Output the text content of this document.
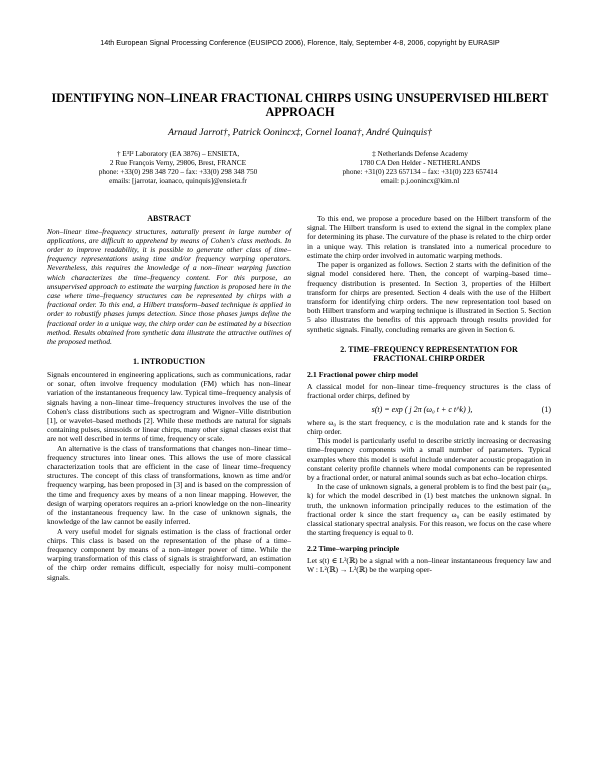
14th European Signal Processing Conference (EUSIPCO 2006), Florence, Italy, September 4-8, 2006, copyright by EURASIP
IDENTIFYING NON–LINEAR FRACTIONAL CHIRPS USING UNSUPERVISED HILBERT APPROACH
Arnaud Jarrot†, Patrick Oonincx‡, Cornel Ioana†, André Quinquis†
† E³I² Laboratory (EA 3876) – ENSIETA,
2 Rue François Verny, 29806, Brest, FRANCE
phone: +33(0) 298 348 720 – fax: +33(0) 298 348 750
emails: [jarrotar, ioanaco, quinquis]@ensieta.fr
‡ Netherlands Defense Academy
1780 CA Den Helder - NETHERLANDS
phone: +31(0) 223 657134 – fax: +31(0) 223 657414
email: p.j.oonincx@kim.nl
ABSTRACT

Non–linear time–frequency structures, naturally present in large number of applications, are difficult to apprehend by means of Cohen's class methods. In order to improve readability, it is possible to generate other class of time–frequency representations using time and/or frequency warping operators. Nevertheless, this requires the knowledge of a non–linear warping function which characterizes the time–frequency content. For this purpose, an unsupervised approach to estimate the warping function is proposed here in the case where time–frequency structures can be represented by chirps with a fractional order. To this end, a Hilbert transform–based technique is applied in order to robustify phases jumps detection. Since those phases jumps define the fractional order in a unique way, the chirp order can be estimated by a bisection method. Results obtained from synthetic data illustrate the attractive outlines of the proposed method.

1. INTRODUCTION

Signals encountered in engineering applications, such as communications, radar or sonar, often involve frequency modulation (FM) which has non–linear variation of the instantaneous frequency law. Typical time–frequency analysis of signals having a non–linear time–frequency structures involves the use of the Cohen's class distributions such as spectrogram and Wigner–Ville distribution [1], or wavelet–based methods [2]. While these methods are natural for signals containing pulses, sinusoids or linear chirps, many other signal classes exist that are not well described in terms of time, frequency or scale.

An alternative is the class of transformations that changes non–linear time–frequency structures into linear ones. This allows the use of more classical characterization tools that are efficient in the case of linear time–frequency structures. The concept of this class of transformations, known as time and/or frequency warping, has been proposed in [3] and is based on the compression of the time and frequency axes by means of a non linear mapping. However, the design of warping operators requires an a-priori knowledge on the non–linearity of the instantaneous frequency law. In the case of unknown signals, the knowledge of the law cannot be easily inferred.

A very useful model for signals estimation is the class of fractional order chirps. This class is based on the representation of the phase of a time–frequency component by means of a non–integer power of time. While the warping transformation of this class of signals is straightforward, an estimation of the chirp order remains difficult, especially for noisy multi–component signals.

To this end, we propose a procedure based on the Hilbert transform of the signal. The Hilbert transform is used to extend the signal in the complex plane for determining its phase. The curvature of the phase is related to the chirp order in a unique way. This relation is translated into a numerical procedure to estimate the chirp order involved in automatic warping methods.

The paper is organized as follows. Section 2 starts with the definition of the signal model considered here. Then, the concept of warping–based time–frequency distribution is presented. In Section 3, properties of the Hilbert transform for chirps are presented. Section 4 deals with the use of the Hilbert transform for identifying chirp orders. The new representation tool based on both Hilbert transform and warping technique is illustrated in Section 5. Section 5 also illustrates the benefits of this approach through results provided for synthetic signals. Finally, concluding remarks are given in Section 6.

2. TIME–FREQUENCY REPRESENTATION FOR
FRACTIONAL CHIRP ORDER
2.1 Fractional power chirp model

A classical model for non–linear time–frequency structures is the class of fractional order chirps, defined by

s(t) = exp ( j 2π (ω₀ t + c t^k) ),	(1)

where ω₀ is the start frequency, c is the modulation rate and k stands for the chirp order.

This model is particularly useful to describe strictly increasing or decreasing time–frequency components with a small number of parameters. Typical examples where this model is useful include underwater acoustic propagation in constant celerity profile channels where modal components can be represented by a fractional order, or natural animal sounds such as bat echo–location chirps.

In the case of unknown signals, a general problem is to find the best pair (ω₀, k) for which the model described in (1) best matches the unknown signal. In truth, the unknown information principally reduces to the estimation of the fractional order k since the start frequency ω₀ can be easily estimated by classical stationary spectral analysis. For this reason, we focus on the case where the starting frequency is equal to 0.

2.2 Time–warping principle

Let s(t) ∈ L²(ℝ) be a signal with a non–linear instantaneous frequency law and W : L²(ℝ) → L²(ℝ) be the warping oper-
